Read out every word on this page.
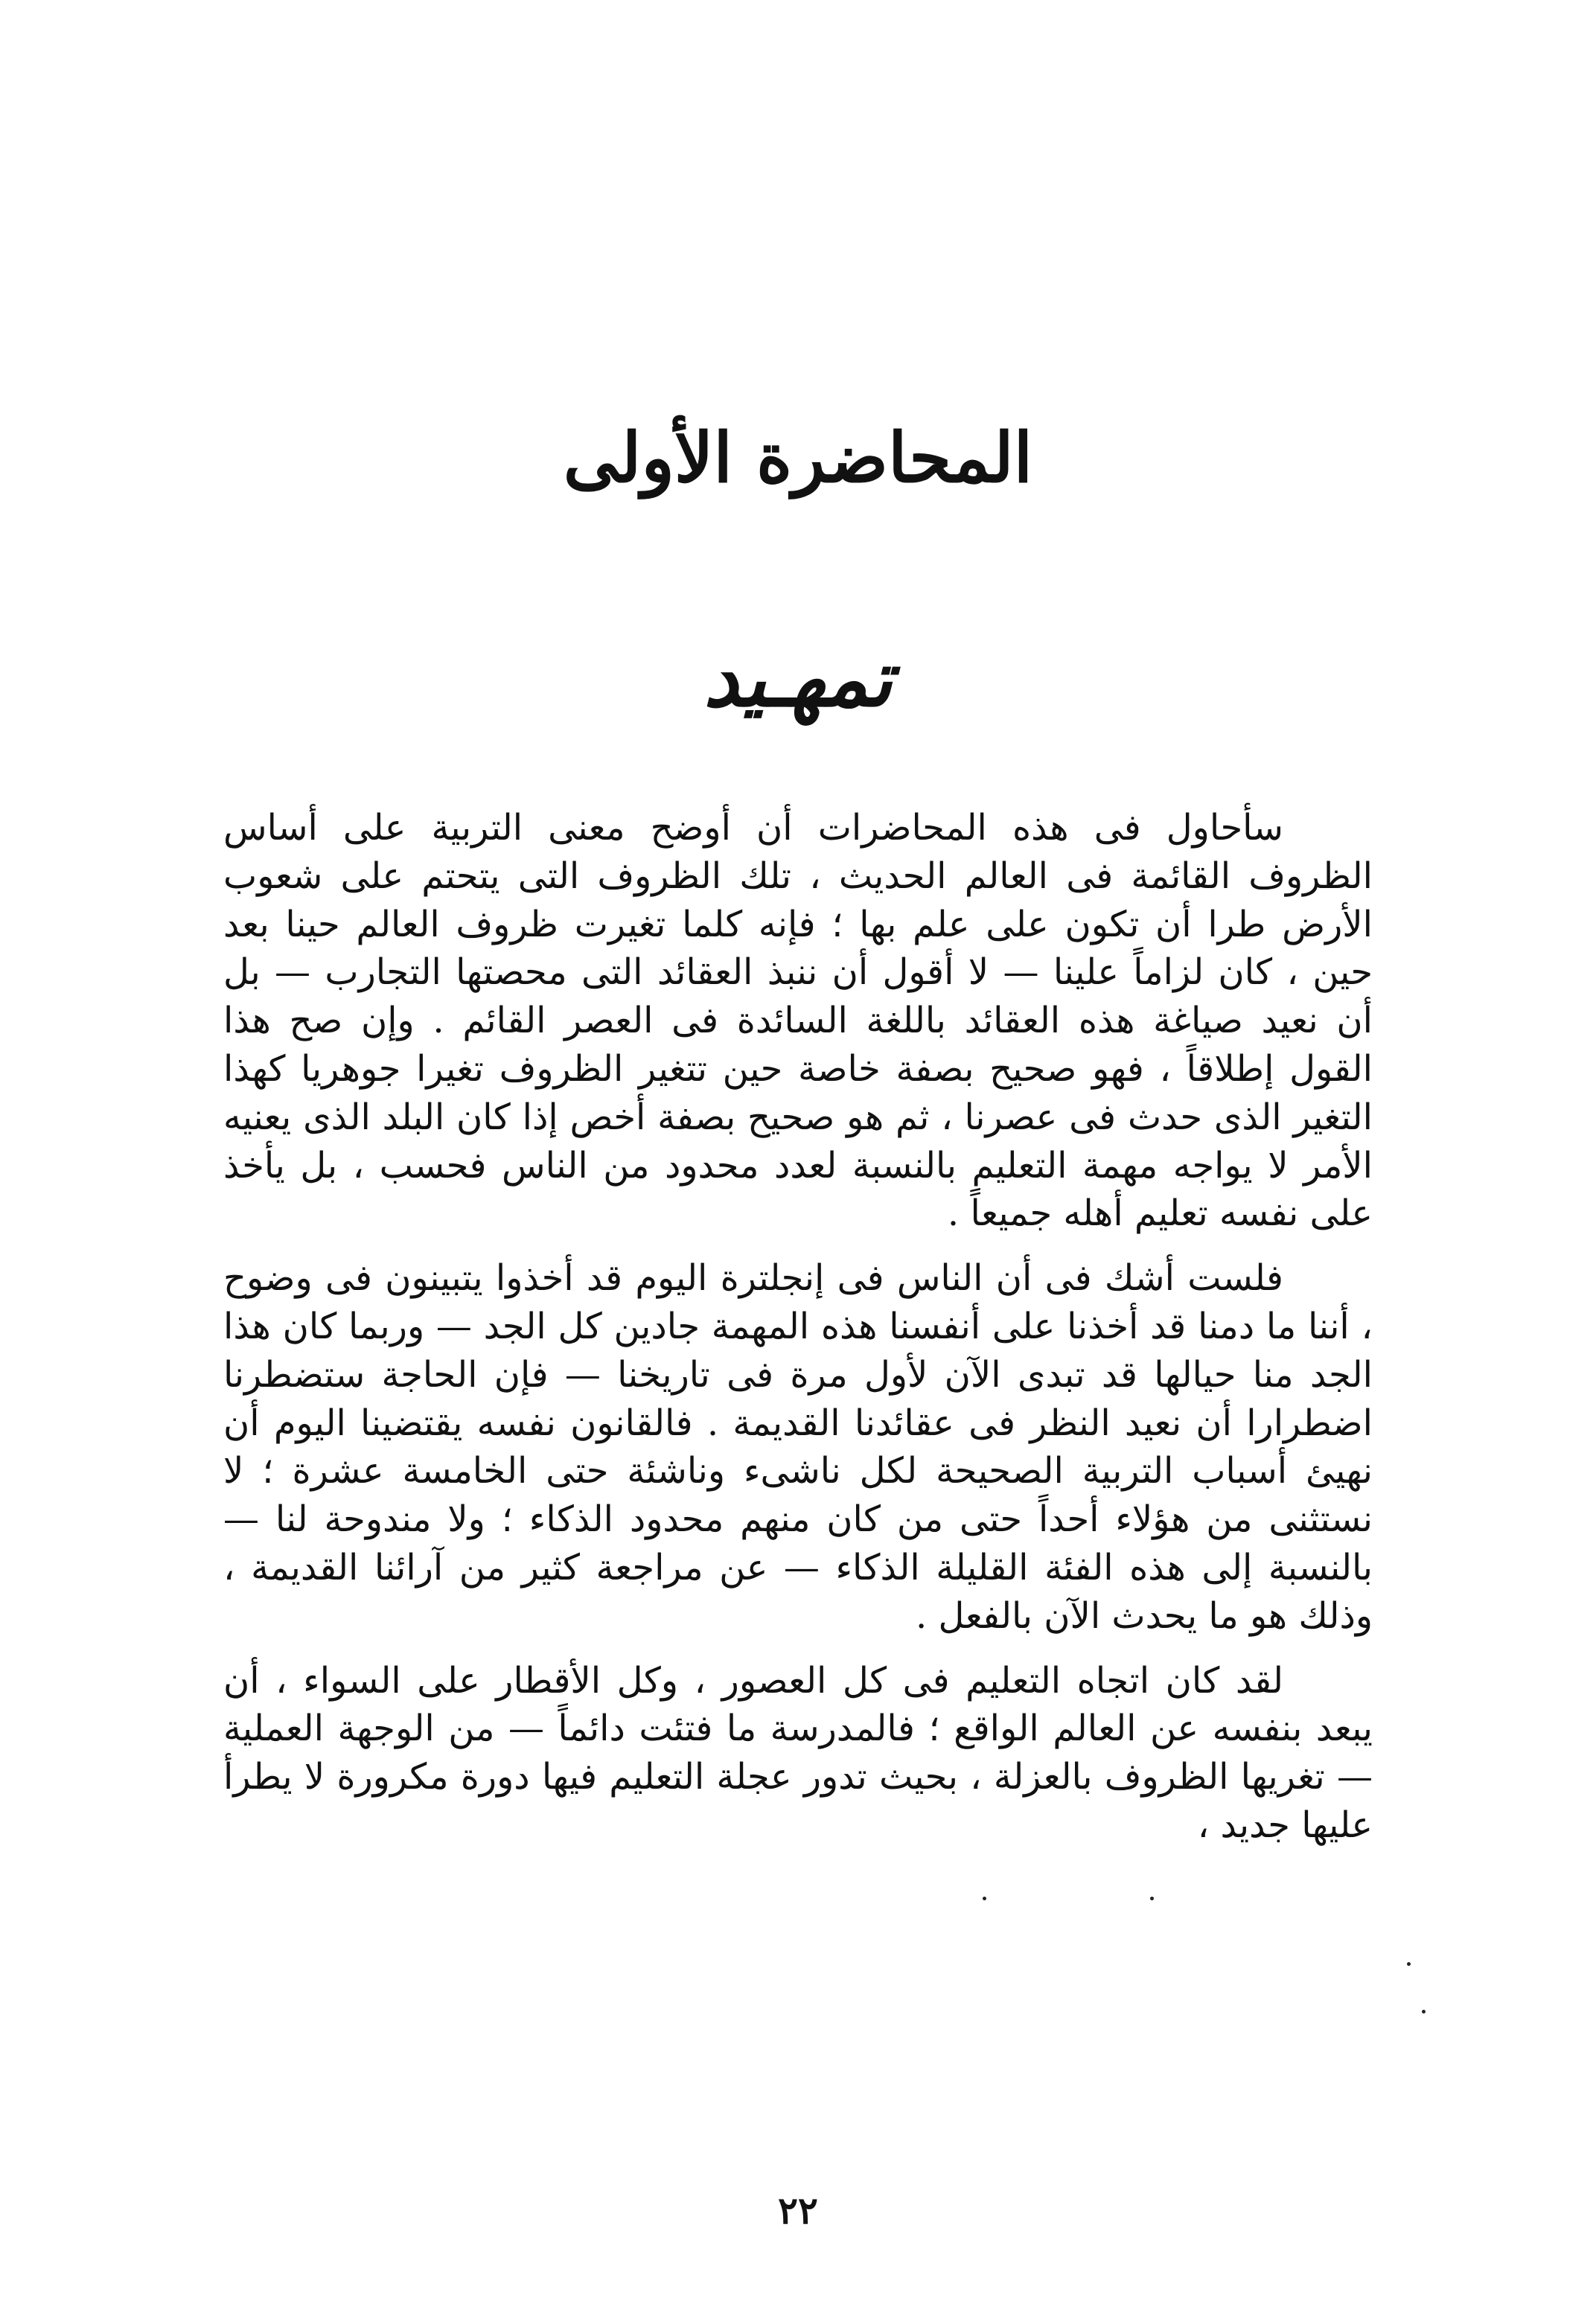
المحاضرة الأولى
تمهـيد

سأحاول فى هذه المحاضرات أن أوضح معنى التربية على أساس الظروف القائمة فى العالم الحديث ، تلك الظروف التى يتحتم على شعوب الأرض طرا أن تكون على علم بها ؛ فإنه كلما تغيرت ظروف العالم حينا بعد حين ، كان لزاماً علينا — لا أقول أن ننبذ العقائد التى محصتها التجارب — بل أن نعيد صياغة هذه العقائد باللغة السائدة فى العصر القائم . وإن صح هذا القول إطلاقاً ، فهو صحيح بصفة خاصة حين تتغير الظروف تغيرا جوهريا كهذا التغير الذى حدث فى عصرنا ، ثم هو صحيح بصفة أخص إذا كان البلد الذى يعنيه الأمر لا يواجه مهمة التعليم بالنسبة لعدد محدود من الناس فحسب ، بل يأخذ على نفسه تعليم أهله جميعاً .

فلست أشك فى أن الناس فى إنجلترة اليوم قد أخذوا يتبينون فى وضوح ، أننا ما دمنا قد أخذنا على أنفسنا هذه المهمة جادين كل الجد — وربما كان هذا الجد منا حيالها قد تبدى الآن لأول مرة فى تاريخنا — فإن الحاجة ستضطرنا اضطرارا أن نعيد النظر فى عقائدنا القديمة . فالقانون نفسه يقتضينا اليوم أن نهيئ أسباب التربية الصحيحة لكل ناشىء وناشئة حتى الخامسة عشرة ؛ لا نستثنى من هؤلاء أحداً حتى من كان منهم محدود الذكاء ؛ ولا مندوحة لنا — بالنسبة إلى هذه الفئة القليلة الذكاء — عن مراجعة كثير من آرائنا القديمة ، وذلك هو ما يحدث الآن بالفعل .

لقد كان اتجاه التعليم فى كل العصور ، وكل الأقطار على السواء ، أن يبعد بنفسه عن العالم الواقع ؛ فالمدرسة ما فتئت دائماً — من الوجهة العملية — تغريها الظروف بالعزلة ، بحيث تدور عجلة التعليم فيها دورة مكرورة لا يطرأ عليها جديد ،

٢٢
